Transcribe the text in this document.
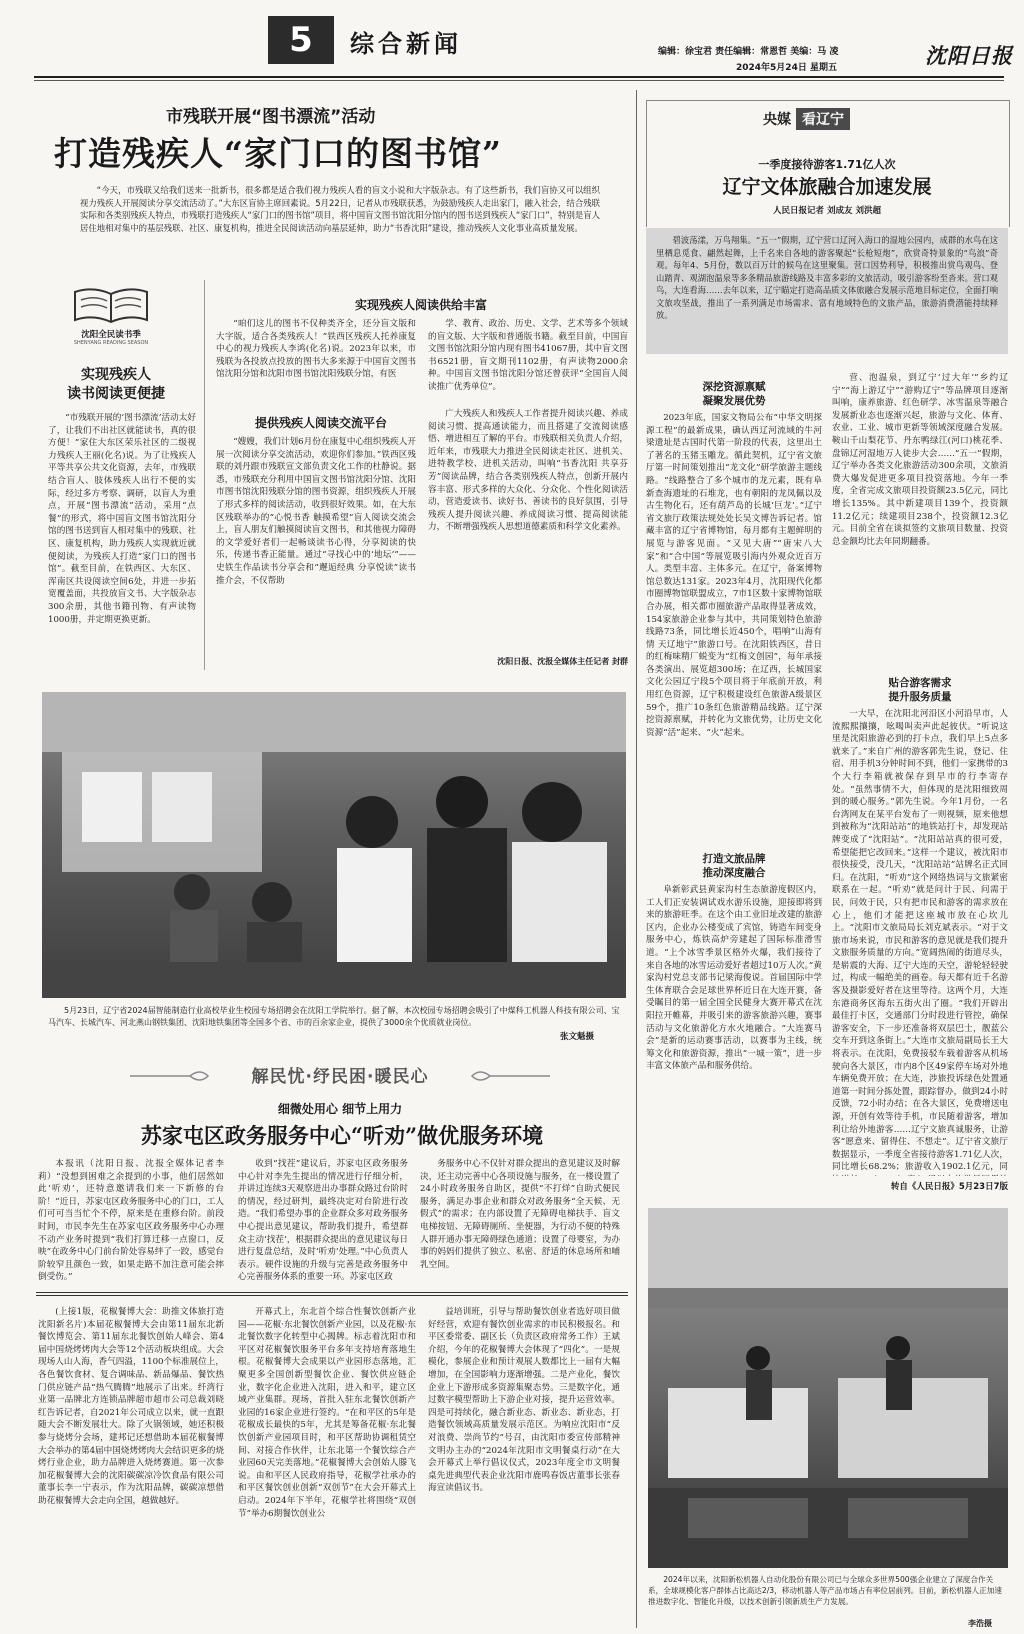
5	综合新闻	编辑：徐宝君 责任编辑：常恩哲 美编：马 凌
2024年5月24日 星期五	沈阳日报
市残联开展“图书漂流”活动
打造残疾人“家门口的图书馆”

“今天，市残联又给我们送来一批新书，很多都是适合我们视力残疾人看的盲文小说和大字版杂志。有了这些新书，我们盲协又可以组织视力残疾人开展阅读分享交流活动了。”大东区盲协主席回素说。5月22日，记者从市残联获悉，为鼓励残疾人走出家门，融入社会，结合残联实际和各类别残疾人特点，市残联打造残疾人“家门口的图书馆”项目，将中国盲文图书馆沈阳分馆内的图书送到残疾人“家门口”，特别是盲人居住地相对集中的基层残联、社区、康复机构，推进全民阅读活动向基层延伸，助力“书香沈阳”建设，推动残疾人文化事业高质量发展。

沈阳全民读书季
SHENYANG READING SEASON
实现残疾人
读书阅读更便捷

“市残联开展的‘图书漂流’活动太好了，让我们不出社区就能读书，真的很方便！”家住大东区荣乐社区的二级视力残疾人王丽(化名)说。为了让残疾人平等共享公共文化资源，去年，市残联结合盲人、肢体残疾人出行不便的实际，经过多方考察、调研，以盲人为重点，开展“图书漂流”活动，采用“点餐”的形式，将中国盲文图书馆沈阳分馆的图书送到盲人相对集中的残联、社区、康复机构，助力残疾人实现就近就便阅读，为残疾人打造“家门口的图书馆”。截至目前，在铁西区、大东区、浑南区共设阅读空间6处，并进一步拓宽覆盖面，共投放盲文书、大字版杂志300余册，其他书籍刊物、有声读物1000册，并定期更换更新。

实现残疾人阅读供给丰富

“咱们这儿的图书不仅种类齐全，还分盲文版和大字版，适合各类残疾人！”铁西区残疾人托养康复中心的视力残疾人李鸿(化名)说。2023年以来，市残联为各投放点投放的图书大多来源于中国盲文图书馆沈阳分馆和沈阳市图书馆沈阳残联分馆，有医

学、教育、政治、历史、文学、艺术等多个领域的盲文版、大字版和普通版书籍。截至目前，中国盲文图书馆沈阳分馆内现有图书41067册，其中盲文图书6521册，盲文期刊1102册，有声读物2000余种。中国盲文图书馆沈阳分馆还曾获评“全国盲人阅读推广优秀单位”。

提供残疾人阅读交流平台

“嫂嫂，我们计划6月份在康复中心组织残疾人开展一次阅读分享交流活动，欢迎你们参加。”铁西区残联的刘丹跟市残联宣文部负责文化工作的杜静说。据悉，市残联充分利用中国盲文图书馆沈阳分馆、沈阳市图书馆沈阳残联分馆的图书资源，组织残疾人开展了形式多样的阅读活动，收到很好效果。如，在大东区残联举办的“心悦书香 触摸希望”盲人阅读交流会上，盲人朋友们触摸阅读盲文图书，和其他视力障碍的文学爱好者们一起畅谈读书心得，分享阅读的快乐，传递书香正能量。通过“寻找心中的‘地坛’”——史铁生作品读书分享会和“邂逅经典 分享悦读”读书推介会，不仅帮助

广大残疾人和残疾人工作者提升阅读兴趣、养成阅读习惯、提高通读能力，而且搭建了交流阅读感悟、增进相互了解的平台。市残联相关负责人介绍，近年来，市残联大力推进全民阅读走社区、进机关、进特教学校、进机关活动，叫响“书香沈阳 共享芬芳”阅读品牌，结合各类别残疾人特点，创新开展内容丰富、形式多样的大众化、分众化、个性化阅读活动，营造爱读书、读好书、善读书的良好氛围，引导残疾人提升阅读兴趣、养成阅读习惯、提高阅读能力，不断增强残疾人思想道德素质和科学文化素养。

沈阳日报、沈报全媒体主任记者 封群
5月23日，辽宁省2024届智能制造行业高校毕业生校园专场招聘会在沈阳工学院举行。据了解，本次校园专场招聘会吸引了中煤科工机器人科技有限公司、宝马汽车、长城汽车、河北燕山钢铁集团、沈阳地铁集团等全国多个省、市的百余家企业，提供了3000余个优质就业岗位。
张文魁摄
解民忧·纾民困·暖民心
细微处用心 细节上用力
苏家屯区政务服务中心“听劝”做优服务环境

本报讯（沈阳日报、沈报全媒体记者李莉）“没想到困难之余提到的小事，他们居然如此‘听劝’，还特意邀请我们来一下新修的台阶！”近日，苏家屯区政务服务中心的门口，工人们可可当当忙个不停，原来是在重修台阶。前段时间，市民李先生在苏家屯区政务服务中心办理不动产业务时提到“我们打算迁移一点窗口，反映“在政务中心门前台阶处容易绊了一跤，感觉台阶较窄且颜色一致，如果走路不加注意可能会摔倒受伤。”

收到“找茬”建议后，苏家屯区政务服务中心针对李先生提出的情况进行仔细分析，并讲过连续3天观察进出办事群众路过台阶时的情况，经过研判，最终决定对台阶进行改造。“我们希望办事的企业群众多对政务服务中心提出意见建议，帮助我们提升，希望群众主动‘找茬’，根据群众提出的意见建议每日进行复盘总结，及时‘听劝’处理。”中心负责人表示。硬件设施的升级与完善是政务服务中心完善服务体系的重要一环。苏家屯区政

务服务中心不仅针对群众提出的意见建议及时解决，还主动完善中心各项设施与服务，在一楼设置了24小时政务服务自助区，提供“不打烊”自助式便民服务，满足办事企业和群众对政务服务“全天候、无假式”的需求；在内部设置了无障碍电梯扶手、盲文电梯按钮、无障碍厕所、坐便器，为行动不便的特殊人群开通办事无障碍绿色通道；设置了母婴室，为办事的妈妈们提供了独立、私密、舒适的休息场所和哺乳空间。

(上接1版，花椒餐博大会：助推文体旅打造沈阳新名片)本届花椒餐博大会由第11届东北新餐饮博览会、第11届东北餐饮创始人峰会、第4届中国烧烤烤肉大会等12个活动板块组成。大会现场人山人海，香气四溢，1100个标准展位上，各色餐饮食材、复合调味品、新品爆品、餐饮热门供应链产品“热气腾腾”地展示了出来。纤湾行业第一品牌北方连锁品牌超市超市公司总裁刘晓红告诉记者，自2021年公司成立以来，就一直跟随大会不断发展壮大。除了火锅领域，她还积极参与烧烤分会场，建邦记还想借助本届花椒餐博大会举办的第4届中国烧烤烤肉大会结识更多的烧烤行业企业，助力品牌进入烧烤赛道。第一次参加花椒餐博大会的沈阳碳碳凉冷饮食品有限公司董事长李一宁表示，作为沈阳品牌，碳碳凉想借助花椒餐博大会走向全国，越做越好。

开幕式上，东北首个综合性餐饮创新产业园——花椒·东北餐饮创新产业园，以及花椒·东北餐饮数字化转型中心揭牌。标志着沈阳市和平区对花椒餐饮服务平台多年支持培育落地生根。花椒餐博大会成果以产业园形态落地，汇聚更多全国创新型餐饮企业、餐饮供应链企业，数字化企业进入沈阳，进入和平，建立区域产业集群。现场，首批入驻东北餐饮创新产业园的16家企业进行签约。“在和平区的5年是花椒成长最快的5年，尤其是筹备花椒·东北餐饮创新产业园项目时，和平区帮助协调租赁空间、对接合作伙伴，让东北第一个餐饮综合产业园60天完美落地。”花椒餐博大会创始人滕飞说。由和平区人民政府指导，花椒学社承办的和平区餐饮创业创新“双创节”在大会开幕式上启动。2024年下半年，花椒学社将围绕“双创节”举办6期餐饮创业公

益培训班，引导与帮助餐饮创业者选好项目做好经营，欢迎有餐饮创业需求的市民积极报名。和平区委常委、副区长（负责区政府常务工作）王斌介绍，今年的花椒餐博大会体现了“四化”。一是规模化，参展企业和预计观展人数都比上一届有大幅增加，在全国影响力逐渐增强。二是产业化，餐饮企业上下游形成多资源集聚态势。三是数字化，通过数字模型帮助上下游企业对接，提升运营效率。四是可持续化，融合新业态、新业态、新业态，打造餐饮领域高质量发展示范区。为响应沈阳市“反对浪费、崇尚节约”号召，由沈阳市委宣传部精神文明办主办的“2024年沈阳市文明餐桌行动”在大会开幕式上举行倡议仪式，2023年度全市文明餐桌先进典型代表企业沈阳市鹿鸣春饭店董事长张春海宣读倡议书。

央媒 看辽宁
一季度接待游客1.71亿人次
辽宁文体旅融合加速发展
人民日报记者 刘成友 刘洪超

碧波荡漾，万鸟翔集。“五一”假期，辽宁营口辽河入海口的湿地公园内，成群的水鸟在这里栖息觅食、翩然起舞，上千名来自各地的游客聚起“长枪短炮”，欣赏奇特景象的“鸟浪”奇观。每年4、5月份，数以百万计的候鸟在这里聚集。营口因势利导，积极推出赏鸟观鸟、登山踏青、观湖泡温泉等多条精品旅游线路及丰富多彩的文旅活动，吸引游客纷至沓来。营口观鸟，大连看海……去年以来，辽宁瞄定打造高品质文体旅融合发展示范地目标定位，全面打响文旅攻坚战，推出了一系列满足市场需求、富有地域特色的文旅产品，旅游消费潜能持续释放。

深挖资源禀赋
凝聚发展优势

2023年底，国家文物局公布“中华文明探源工程”的最新成果，确认西辽河流域的牛河梁遗址是古国时代第一阶段的代表，这里出土了著名的玉猪玉雕龙。循此契机，辽宁省文旅厅第一时间策划推出“龙文化”研学旅游主题线路。“线路整合了多个城市的龙元素，既有阜新查海遗址的石堆龙，也有朝阳的龙凤佩以及古生物化石，还有葫芦岛的长城‘巨龙’。”辽宁省文旅厅政策法规处处长吴文博告诉记者。馆藏丰富的辽宁省博物馆，每月都有主题鲜明的展览与游客见面。“又见大唐”“唐宋八大家”和“合中国”等展览吸引海内外观众近百万人。类型丰富、主体多元。在辽宁，备案博物馆总数达131家。2023年4月，沈阳现代化都市圈博物馆联盟成立，7市1区数十家博物馆联合办展，相关都市圈旅游产品取得显著成效，154家旅游企业参与其中，共同策划特色旅游线路73条，同比增长近450个，唱响“山海有情 天辽地宁”旅游口号。在沈阳铁西区，昔日的红梅味精厂蜕变为“红梅文创园”，每年承接各类演出、展览超300场；在辽西，长城国家文化公园辽宁段5个项目将于年底前开放，利用红色资源，辽宁积极建设红色旅游A级景区59个，推广10条红色旅游精品线路。辽宁深挖资源禀赋，并转化为文旅优势，让历史文化资源“活”起来、“火”起来。

打造文旅品牌
推动深度融合

阜新彰武县黄家沟村生态旅游度假区内，工人们正安装调试戏水游乐设施，迎接即将到来的旅游旺季。在这个由工业旧址改建的旅游区内，企业办公楼变成了宾馆，铸造车间变身服务中心，炼铁高炉旁建起了国际标准滑雪道。“上个冰雪季景区格外火爆，我们接待了来自各地的冰雪运动爱好者超过10万人次。”黄家沟村党总支部书记梁海俊说。首届国际中学生体育联合会足球世界杯近日在大连开赛，备受瞩目的第一届全国全民健身大赛开幕式在沈阳拉开帷幕，并吸引来的游客旅游兴趣，赛事活动与文化旅游化方水火地融合。“大连赛马会”是新的运动赛事活动，以赛事为主线，统筹文化和旅游资源，推出“一城一策”，进一步丰富文体旅产品和服务供给。

营、泡温泉，到辽宁‘过大年’”乡约辽宁”“海上游辽宁”“游购辽宁”等品牌项目逐渐叫响，康养旅游、红色研学、冰雪温泉等融合发展新业态也逐渐兴起，旅游与文化、体育、农业、工业、城市更新等领域深度融合发展。鞍山千山梨花节、丹东鸭绿江(河口)桃花季、盘锦辽河湿地万人徒步大会……“五一”假期，辽宁举办各类文化旅游活动300余项，文旅消费大爆发促进更多项目投资落地。今年一季度，全省完成文旅项目投资额23.5亿元，同比增长135%。其中新建项目139个，投资额11.2亿元；续建项目238个，投资额12.3亿元。目前全省在谈拟签约文旅项目数量、投资总金额均比去年同期翻番。

贴合游客需求
提升服务质量

一大早，在沈阳北河沿区小河沿早市，人流熙熙攘攘，吆喝叫卖声此起彼伏。“听说这里是沈阳旅游必到的打卡点，我们早上5点多就来了。”来自广州的游客郭先生说，登记、住宿、用手机3分钟时间不到，他们一家携带的3个大行李箱就被保存到早市的行李寄存处。“虽然事情不大，但体现的是沈阳细致周到的暖心服务。”郭先生说。今年1月份，一名台湾网友在某平台发布了一则视频，原来他想到被称为“沈阳站站”的地铁站打卡，却发现站牌变成了“沈阳站”。“沈阳站站真的很可爱，希望能把它改回来。”这样一个建议，被沈阳市很快接受，没几天，“沈阳站站”站牌名正式回归。在沈阳，“听劝”这个网络热词与文旅紧密联系在一起。“听劝”就是问计于民、问需于民，问效于民，只有把市民和游客的需求放在心上，他们才能把这座城市放在心坎儿上。“沈阳市文旅局局长刘克斌表示。“对于文旅市场来说，市民和游客的意见就是我们提升文旅服务质量的方向。”宽阔热闹的街道尽头，是崭震的大海、辽宁大连的天空，游轮轻轻驶过，构成一幅绝美的画卷。每天都有近千名游客及摄影爱好者在这里等待。这两个月，大连东港商务区海东五街火出了圈。“我们开辟出最佳打卡区，交通部门分时段进行管控，确保游客安全，下一步还准备将双层巴士，靓蓝公交车开到这条街上。”大连市文旅局副局长王大将表示。在沈阳，免费接驳车载着游客从机场驶向各大景区，市内8个区49家停车场对外地车辆免费开放；在大连，涉旅投诉绿色处置通道第一时间分拣处置，跟踪督办，做到24小时反馈，72小时办结；在各大景区，免费增送电源，开创有效等待手机，市民随着游客，增加利让给外地游客……辽宁文旅真诚服务，让游客“愿意来、留得住、不想走”。辽宁省文旅厅数据显示，一季度全省接待游客1.71亿人次，同比增长68.2%；旅游收入1902.1亿元，同

转自《人民日报》5月23日7版
2024年以来，沈阳新松机器人自动化股份有限公司已与全球众多世界500强企业建立了深度合作关系，全球规模化客户群体占比高达2/3，移动机器人等产品市场占有率位居前列。目前，新松机器人正加速推进数字化、智能化升级，以技术创新引领新质生产力发展。
李浩摄
